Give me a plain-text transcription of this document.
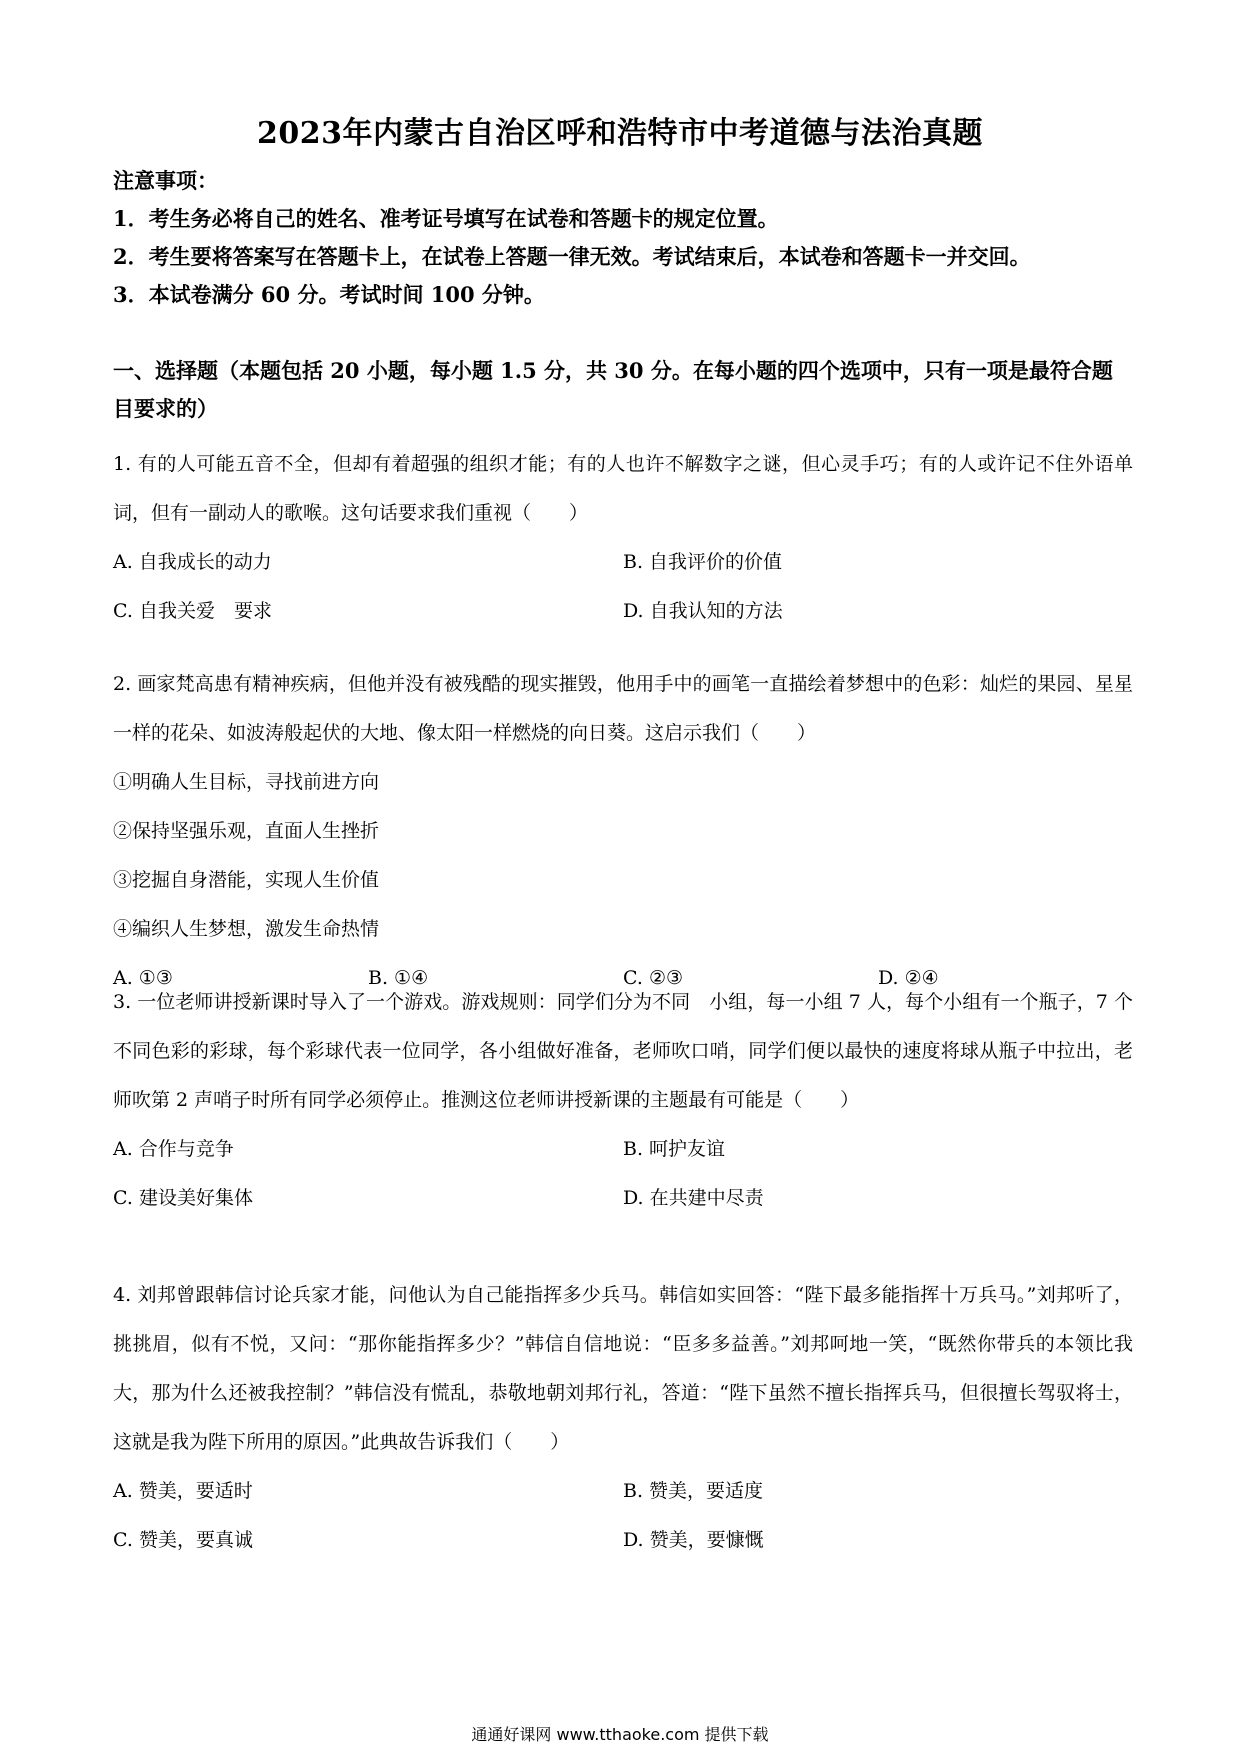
2023年内蒙古自治区呼和浩特市中考道德与法治真题
注意事项：
1．考生务必将自己的姓名、准考证号填写在试卷和答题卡的规定位置。
2．考生要将答案写在答题卡上，在试卷上答题一律无效。考试结束后，本试卷和答题卡一并交回。
3．本试卷满分 60 分。考试时间 100 分钟。
一、选择题（本题包括 20 小题，每小题 1.5 分，共 30 分。在每小题的四个选项中，只有一项是最符合题目要求的）
1. 有的人可能五音不全，但却有着超强的组织才能；有的人也许不解数字之谜，但心灵手巧；有的人或许记不住外语单词，但有一副动人的歌喉。这句话要求我们重视（　　）
A. 自我成长的动力	B. 自我评价的价值
C. 自我关爱　要求	D. 自我认知的方法
2. 画家梵高患有精神疾病，但他并没有被残酷的现实摧毁，他用手中的画笔一直描绘着梦想中的色彩：灿烂的果园、星星一样的花朵、如波涛般起伏的大地、像太阳一样燃烧的向日葵。这启示我们（　　）
①明确人生目标，寻找前进方向
②保持坚强乐观，直面人生挫折
③挖掘自身潜能，实现人生价值
④编织人生梦想，激发生命热情
A. ①③	B. ①④	C. ②③	D. ②④
3. 一位老师讲授新课时导入了一个游戏。游戏规则：同学们分为不同　小组，每一小组 7 人，每个小组有一个瓶子，7 个不同色彩的彩球，每个彩球代表一位同学，各小组做好准备，老师吹口哨，同学们便以最快的速度将球从瓶子中拉出，老师吹第 2 声哨子时所有同学必须停止。推测这位老师讲授新课的主题最有可能是（　　）
A. 合作与竞争	B. 呵护友谊
C. 建设美好集体	D. 在共建中尽责
4. 刘邦曾跟韩信讨论兵家才能，问他认为自己能指挥多少兵马。韩信如实回答：“陛下最多能指挥十万兵马。”刘邦听了，挑挑眉，似有不悦，又问：“那你能指挥多少？”韩信自信地说：“臣多多益善。”刘邦呵地一笑，“既然你带兵的本领比我大，那为什么还被我控制？”韩信没有慌乱，恭敬地朝刘邦行礼，答道：“陛下虽然不擅长指挥兵马，但很擅长驾驭将士，这就是我为陛下所用的原因。”此典故告诉我们（　　）
A. 赞美，要适时	B. 赞美，要适度
C. 赞美，要真诚	D. 赞美，要慷慨
通通好课网 www.tthaoke.com 提供下载
